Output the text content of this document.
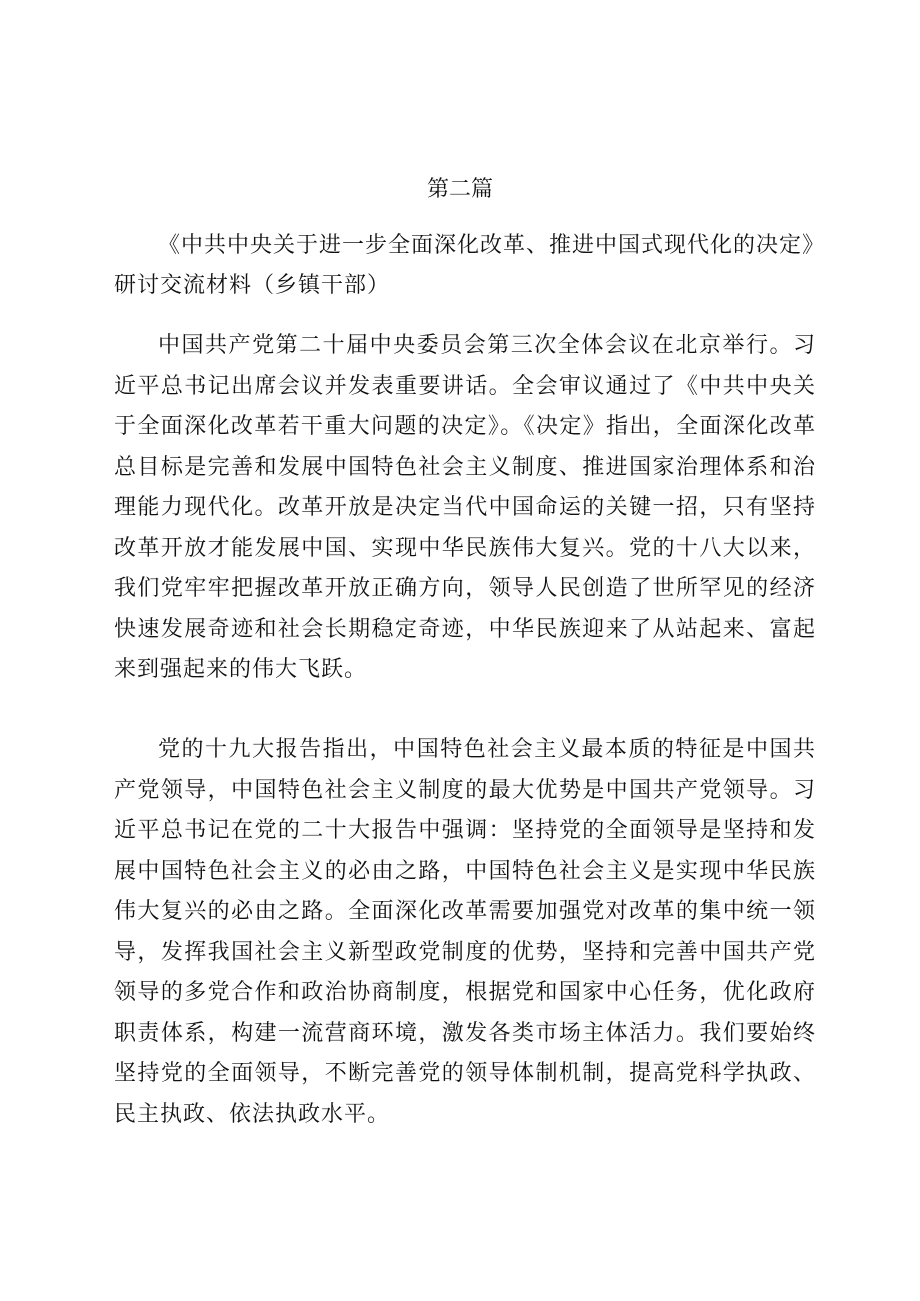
第二篇
《中共中央关于进一步全面深化改革、推进中国式现代化的决定》研讨交流材料（乡镇干部）

中国共产党第二十届中央委员会第三次全体会议在北京举行。习近平总书记出席会议并发表重要讲话。全会审议通过了《中共中央关于全面深化改革若干重大问题的决定》。《决定》指出，全面深化改革总目标是完善和发展中国特色社会主义制度、推进国家治理体系和治理能力现代化。改革开放是决定当代中国命运的关键一招，只有坚持改革开放才能发展中国、实现中华民族伟大复兴。党的十八大以来，我们党牢牢把握改革开放正确方向，领导人民创造了世所罕见的经济快速发展奇迹和社会长期稳定奇迹，中华民族迎来了从站起来、富起来到强起来的伟大飞跃。

党的十九大报告指出，中国特色社会主义最本质的特征是中国共产党领导，中国特色社会主义制度的最大优势是中国共产党领导。习近平总书记在党的二十大报告中强调：坚持党的全面领导是坚持和发展中国特色社会主义的必由之路，中国特色社会主义是实现中华民族伟大复兴的必由之路。全面深化改革需要加强党对改革的集中统一领导，发挥我国社会主义新型政党制度的优势，坚持和完善中国共产党领导的多党合作和政治协商制度，根据党和国家中心任务，优化政府职责体系，构建一流营商环境，激发各类市场主体活力。我们要始终坚持党的全面领导，不断完善党的领导体制机制，提高党科学执政、民主执政、依法执政水平。
